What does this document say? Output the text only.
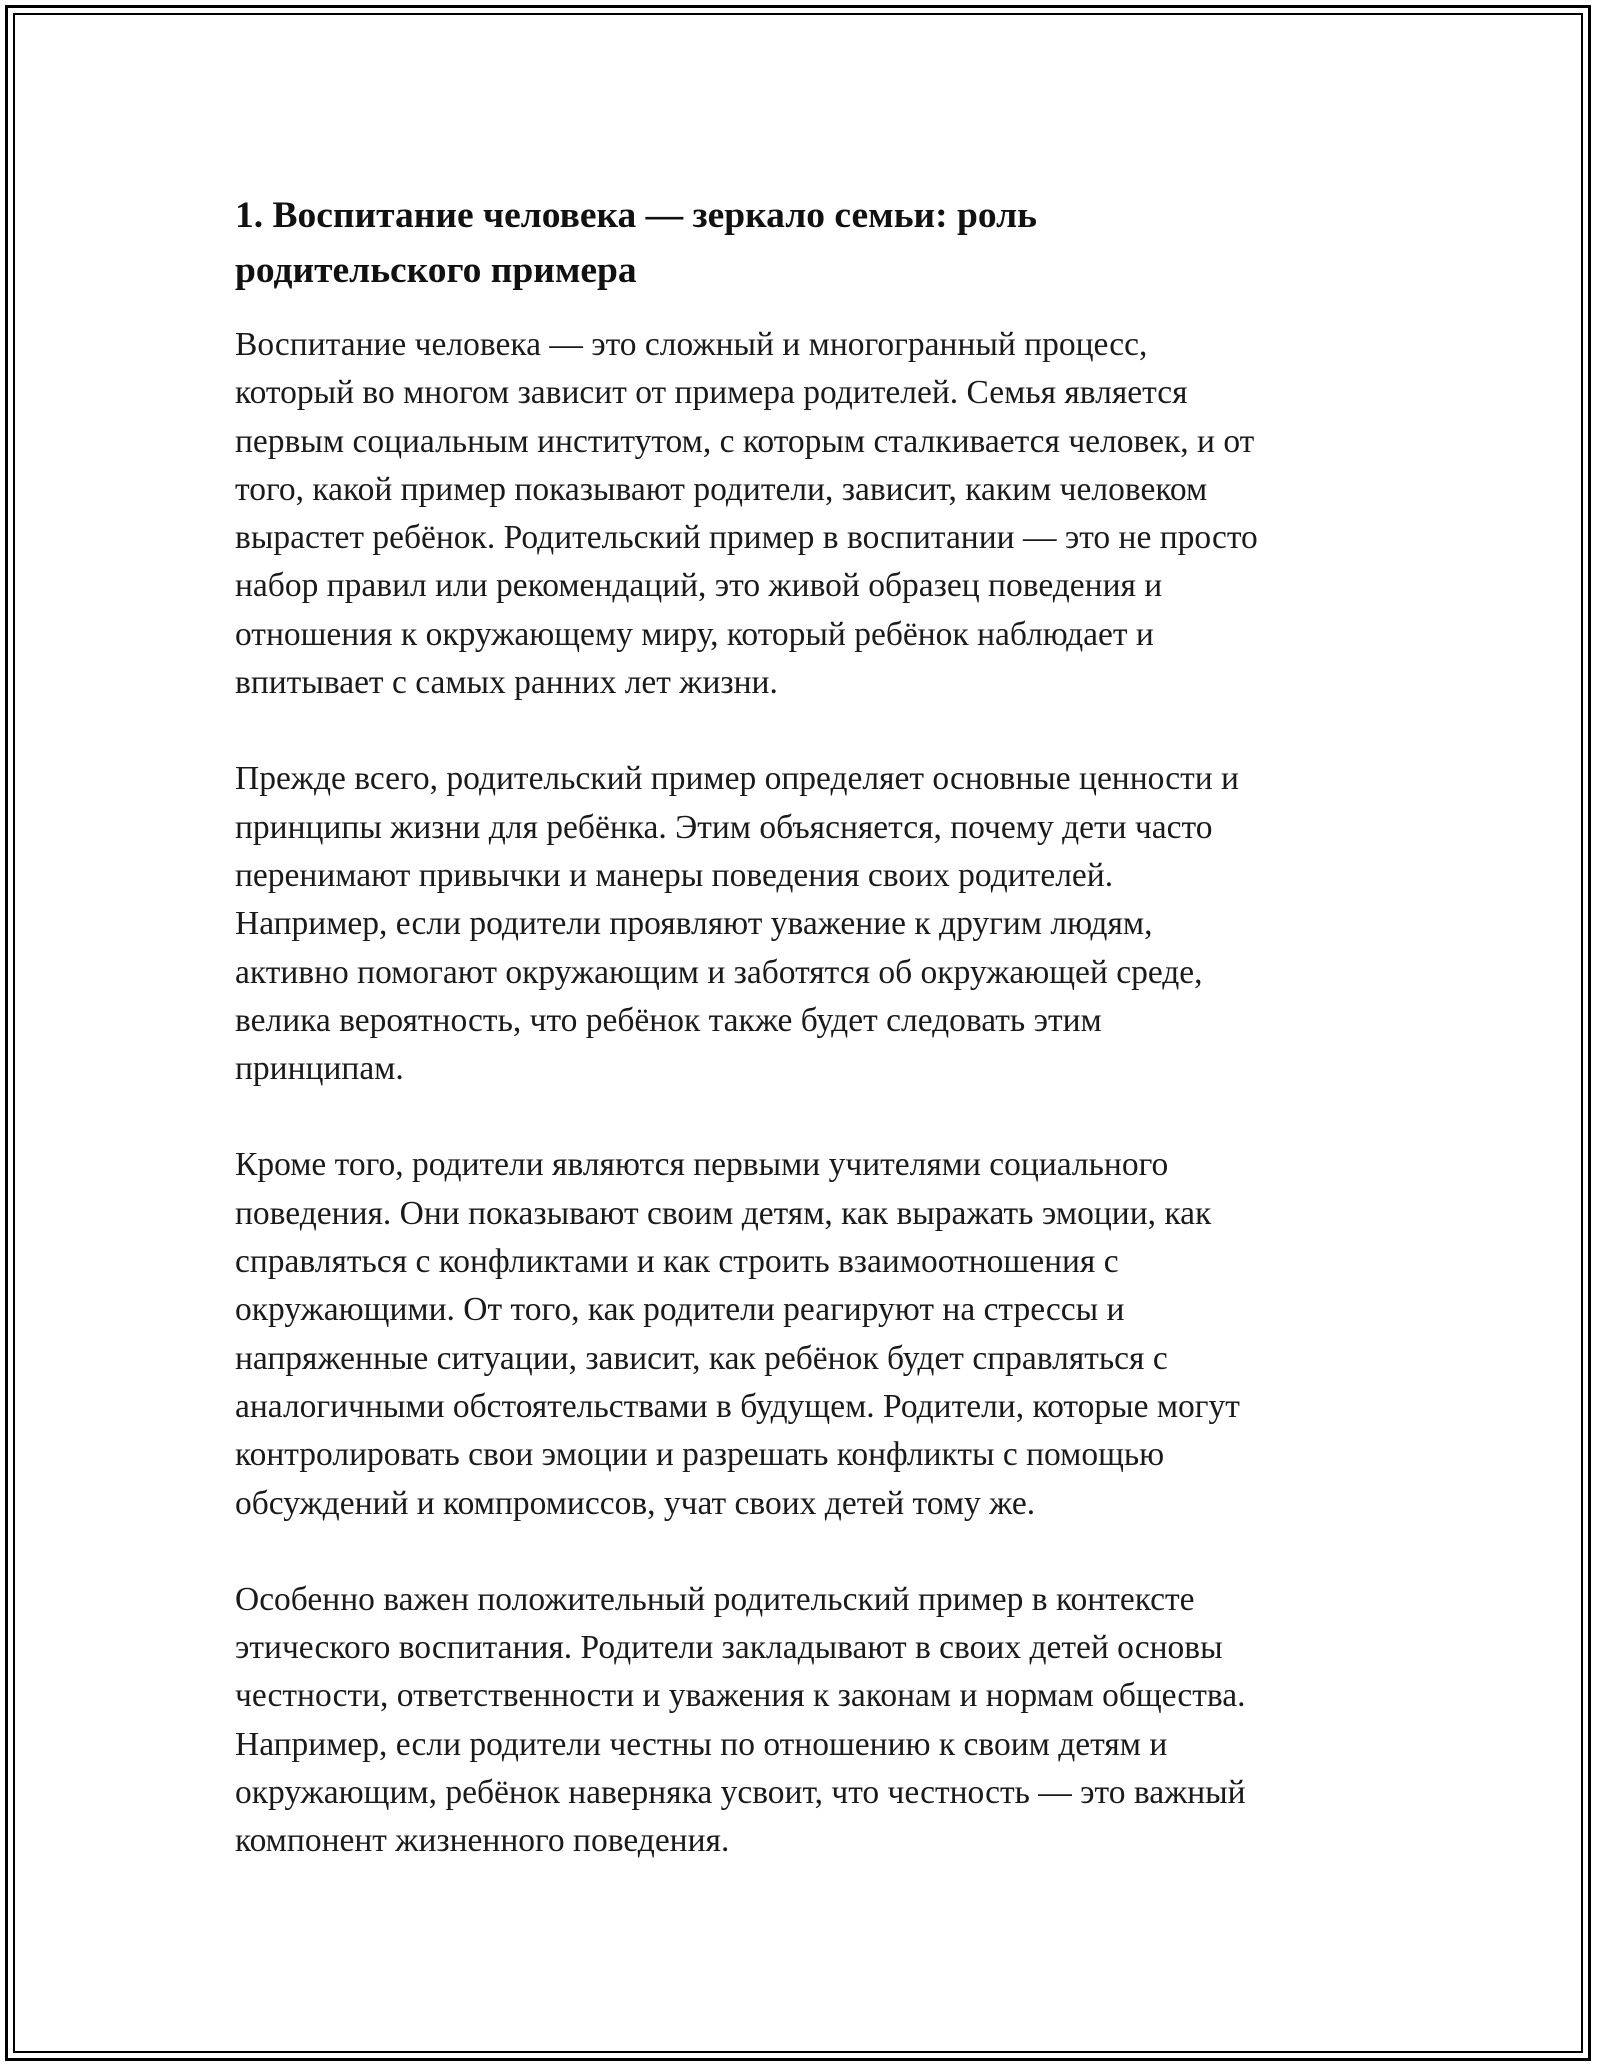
1. Воспитание человека — зеркало семьи: роль родительского примера

Воспитание человека — это сложный и многогранный процесс,
который во многом зависит от примера родителей. Семья является
первым социальным институтом, с которым сталкивается человек, и от
того, какой пример показывают родители, зависит, каким человеком
вырастет ребёнок. Родительский пример в воспитании — это не просто
набор правил или рекомендаций, это живой образец поведения и
отношения к окружающему миру, который ребёнок наблюдает и
впитывает с самых ранних лет жизни.

Прежде всего, родительский пример определяет основные ценности и
принципы жизни для ребёнка. Этим объясняется, почему дети часто
перенимают привычки и манеры поведения своих родителей.
Например, если родители проявляют уважение к другим людям,
активно помогают окружающим и заботятся об окружающей среде,
велика вероятность, что ребёнок также будет следовать этим
принципам.

Кроме того, родители являются первыми учителями социального
поведения. Они показывают своим детям, как выражать эмоции, как
справляться с конфликтами и как строить взаимоотношения с
окружающими. От того, как родители реагируют на стрессы и
напряженные ситуации, зависит, как ребёнок будет справляться с
аналогичными обстоятельствами в будущем. Родители, которые могут
контролировать свои эмоции и разрешать конфликты с помощью
обсуждений и компромиссов, учат своих детей тому же.

Особенно важен положительный родительский пример в контексте
этического воспитания. Родители закладывают в своих детей основы
честности, ответственности и уважения к законам и нормам общества.
Например, если родители честны по отношению к своим детям и
окружающим, ребёнок наверняка усвоит, что честность — это важный
компонент жизненного поведения.
